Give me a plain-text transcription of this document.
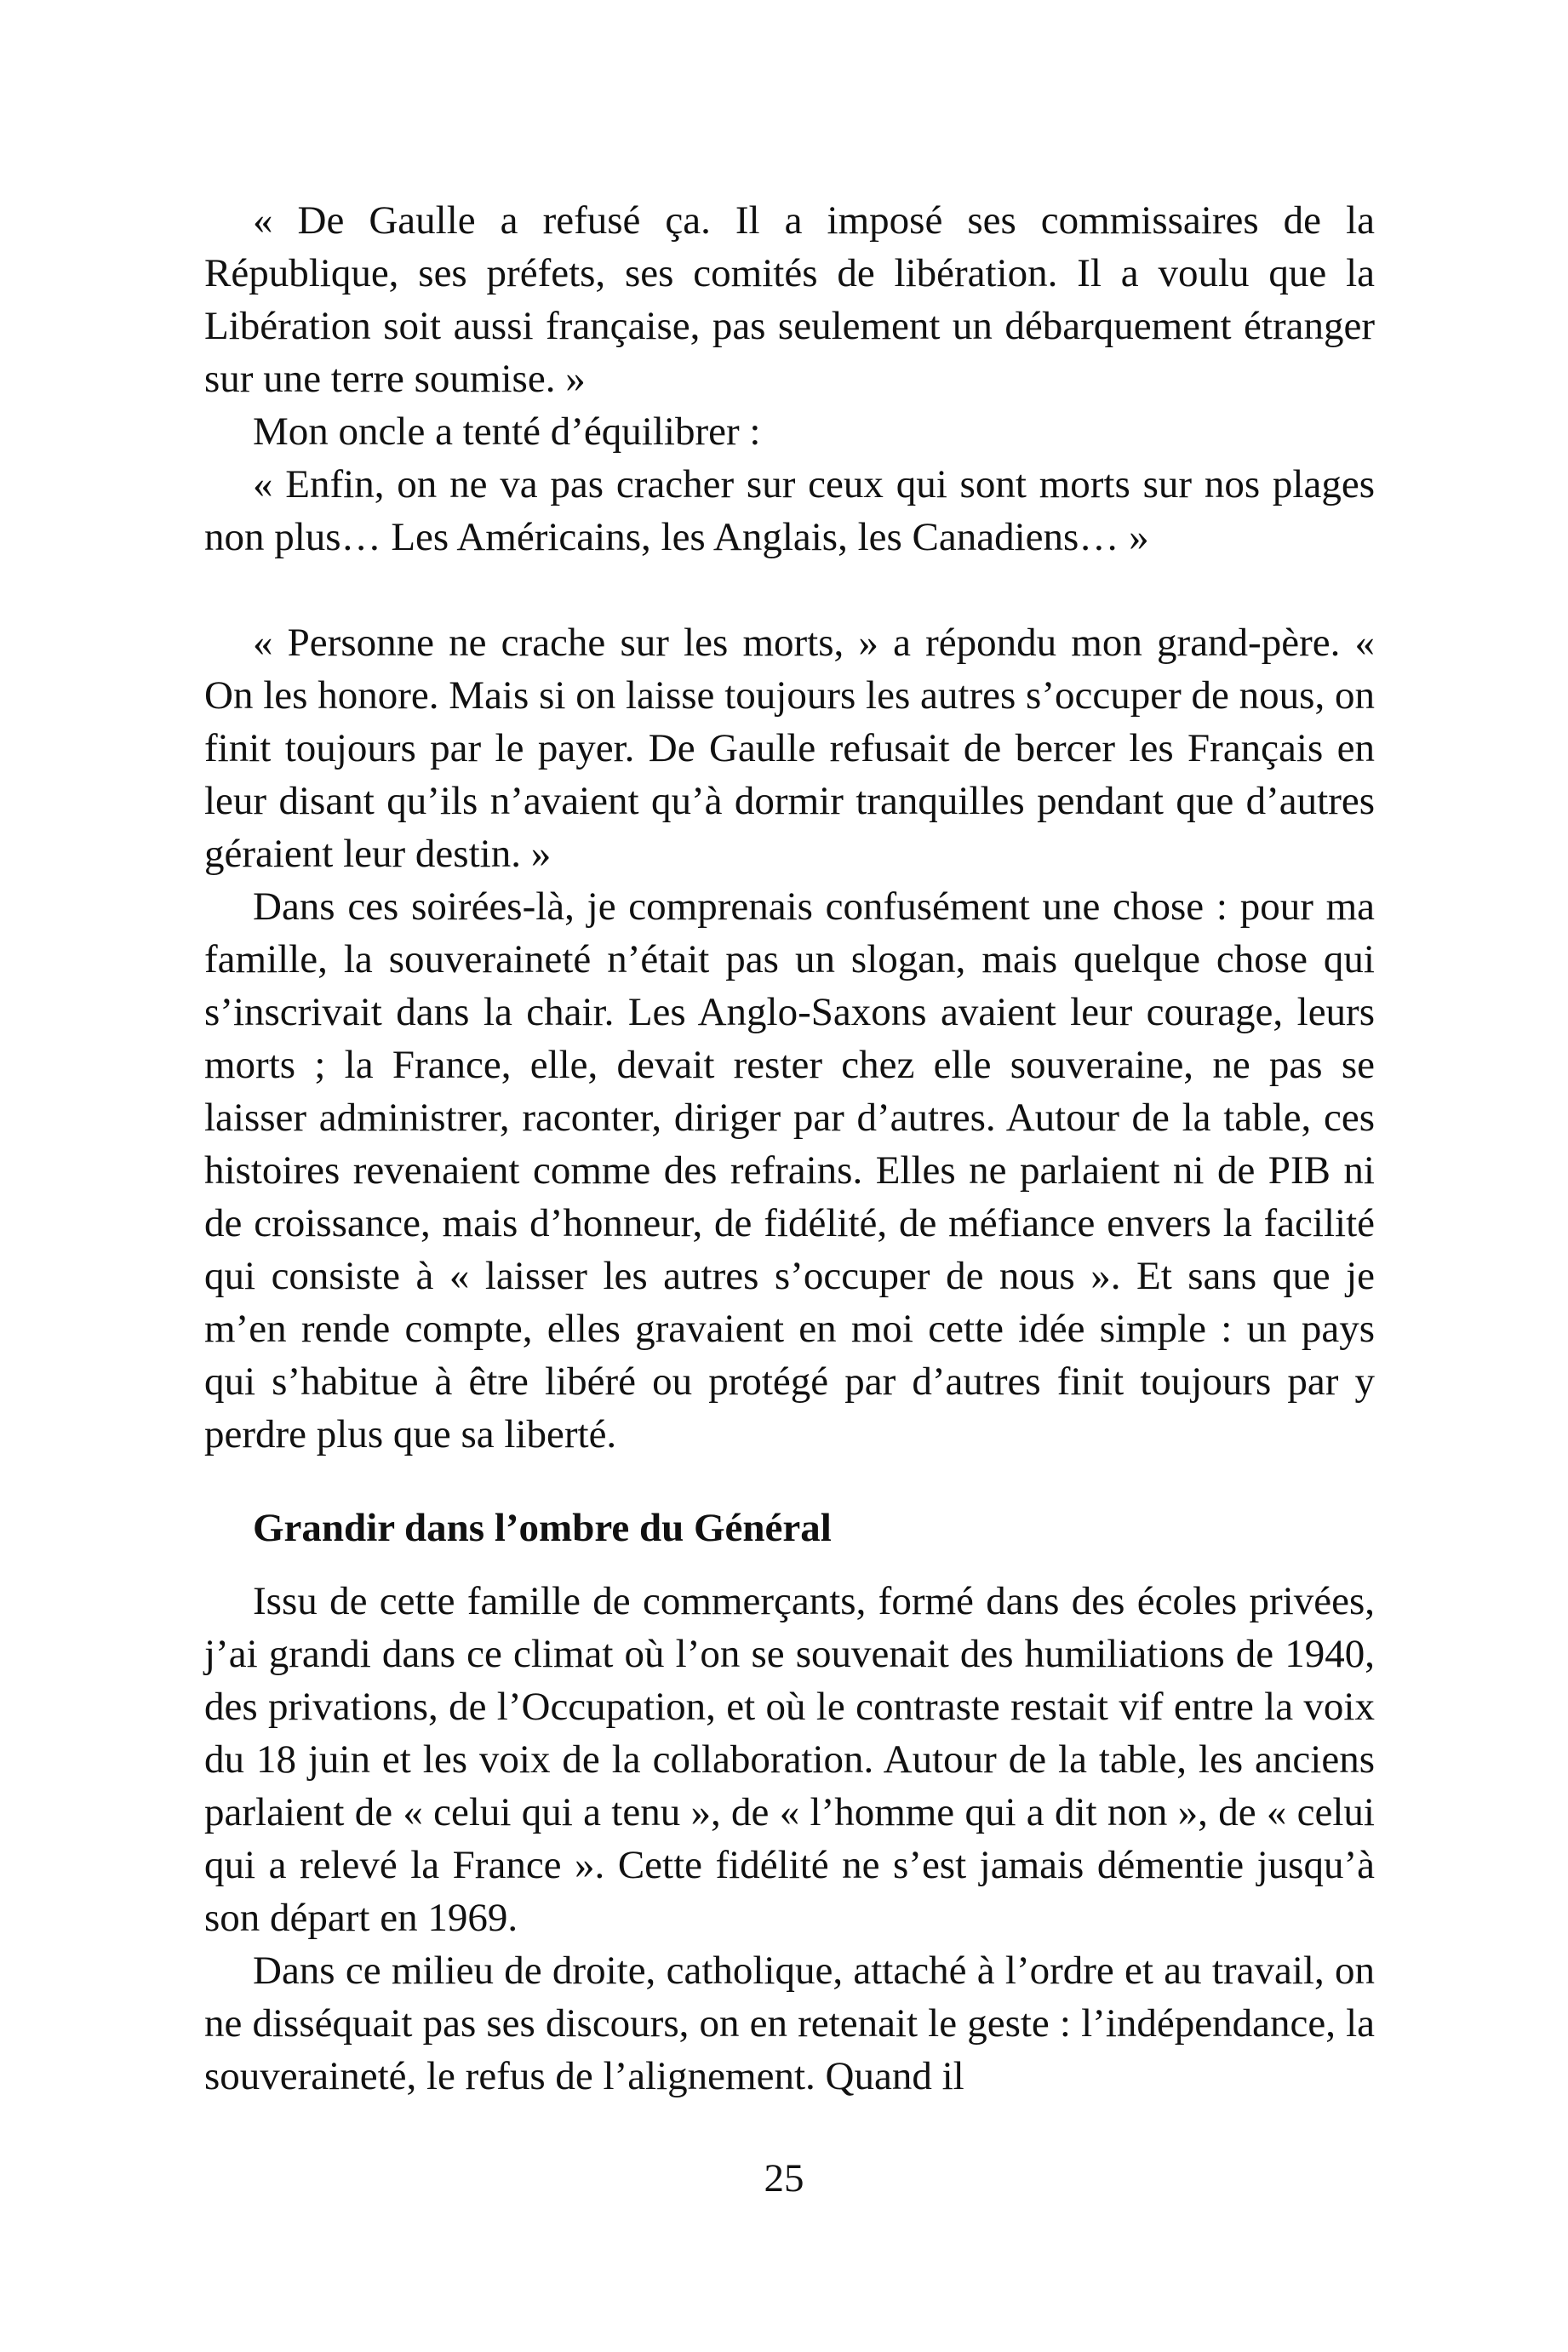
« De Gaulle a refusé ça. Il a imposé ses commissaires de la République, ses préfets, ses comités de libération. Il a voulu que la Libération soit aussi française, pas seulement un débarquement étranger sur une terre soumise. »

Mon oncle a tenté d’équilibrer :

« Enfin, on ne va pas cracher sur ceux qui sont morts sur nos plages non plus… Les Américains, les Anglais, les Canadiens… »

« Personne ne crache sur les morts, » a répondu mon grand-père. « On les honore. Mais si on laisse toujours les autres s’occuper de nous, on finit toujours par le payer. De Gaulle refusait de bercer les Français en leur disant qu’ils n’avaient qu’à dormir tranquilles pendant que d’autres géraient leur destin. »

Dans ces soirées-là, je comprenais confusément une chose : pour ma famille, la souveraineté n’était pas un slogan, mais quelque chose qui s’inscrivait dans la chair. Les Anglo-Saxons avaient leur courage, leurs morts ; la France, elle, devait rester chez elle souveraine, ne pas se laisser administrer, raconter, diriger par d’autres. Autour de la table, ces histoires revenaient comme des refrains. Elles ne parlaient ni de PIB ni de croissance, mais d’honneur, de fidélité, de méfiance envers la facilité qui consiste à « laisser les autres s’occuper de nous ». Et sans que je m’en rende compte, elles gravaient en moi cette idée simple : un pays qui s’habitue à être libéré ou protégé par d’autres finit toujours par y perdre plus que sa liberté.

Grandir dans l’ombre du Général

Issu de cette famille de commerçants, formé dans des écoles privées, j’ai grandi dans ce climat où l’on se souvenait des humiliations de 1940, des privations, de l’Occupation, et où le contraste restait vif entre la voix du 18 juin et les voix de la collaboration. Autour de la table, les anciens parlaient de « celui qui a tenu », de « l’homme qui a dit non », de « celui qui a relevé la France ». Cette fidélité ne s’est jamais démentie jusqu’à son départ en 1969.

Dans ce milieu de droite, catholique, attaché à l’ordre et au travail, on ne disséquait pas ses discours, on en retenait le geste : l’indépendance, la souveraineté, le refus de l’alignement. Quand il

25
